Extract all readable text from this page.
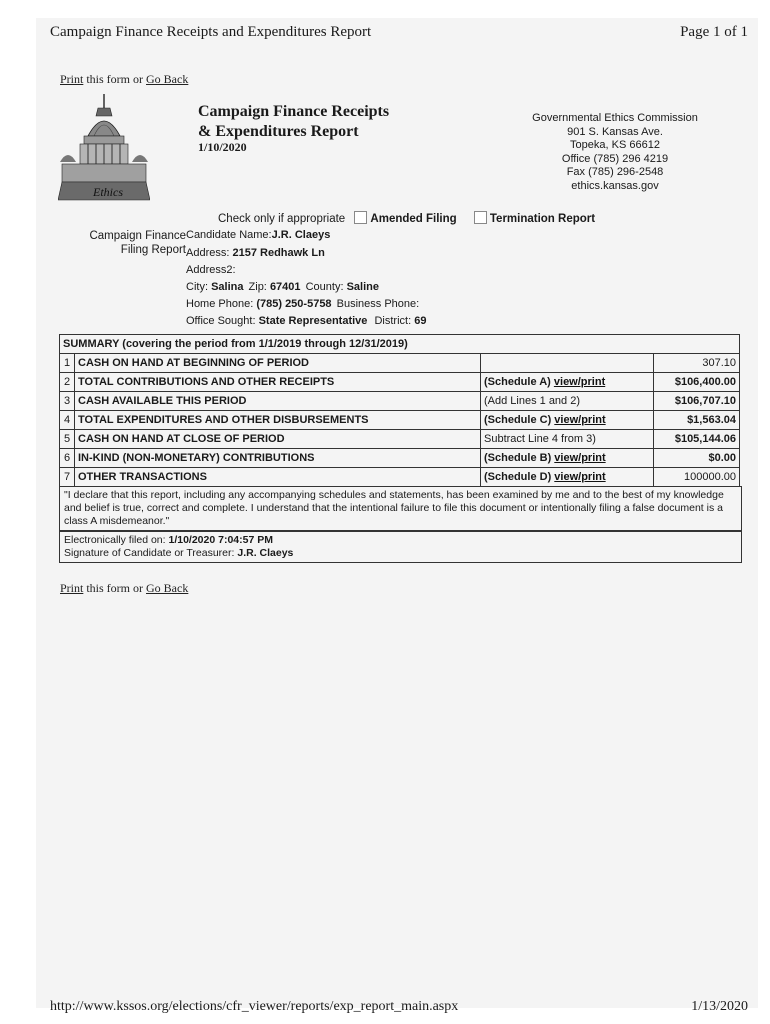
Campaign Finance Receipts and Expenditures Report	Page 1 of 1
Print this form or Go Back
Ethics
Campaign Finance Receipts
& Expenditures Report
1/10/2020
Governmental Ethics Commission
901 S. Kansas Ave.
Topeka, KS 66612
Office (785) 296 4219
Fax (785) 296-2548
ethics.kansas.gov
Check only if appropriate Amended Filing	Termination Report
Campaign Finance
Filing Report
Candidate Name:J.R. Claeys
Address: 2157 Redhawk Ln
Address2:
City: Salina Zip: 67401 County: Saline
Home Phone: (785) 250-5758 Business Phone:
Office Sought: State Representative District: 69
SUMMARY (covering the period from 1/1/2019 through 12/31/2019)			
1	CASH ON HAND AT BEGINNING OF PERIOD		307.10
2	TOTAL CONTRIBUTIONS AND OTHER RECEIPTS	(Schedule A) view/print	$106,400.00
3	CASH AVAILABLE THIS PERIOD	(Add Lines 1 and 2)	$106,707.10
4	TOTAL EXPENDITURES AND OTHER DISBURSEMENTS	(Schedule C) view/print	$1,563.04
5	CASH ON HAND AT CLOSE OF PERIOD	Subtract Line 4 from 3)	$105,144.06
6	IN-KIND (NON-MONETARY) CONTRIBUTIONS	(Schedule B) view/print	$0.00
7	OTHER TRANSACTIONS	(Schedule D) view/print	100000.00
"I declare that this report, including any accompanying schedules and statements, has been examined by me and to the best of my knowledge and belief is true, correct and complete. I understand that the intentional failure to file this document or intentionally filing a false document is a class A misdemeanor."
Electronically filed on: 1/10/2020 7:04:57 PM
Signature of Candidate or Treasurer: J.R. Claeys
Print this form or Go Back
http://www.kssos.org/elections/cfr_viewer/reports/exp_report_main.aspx	1/13/2020
